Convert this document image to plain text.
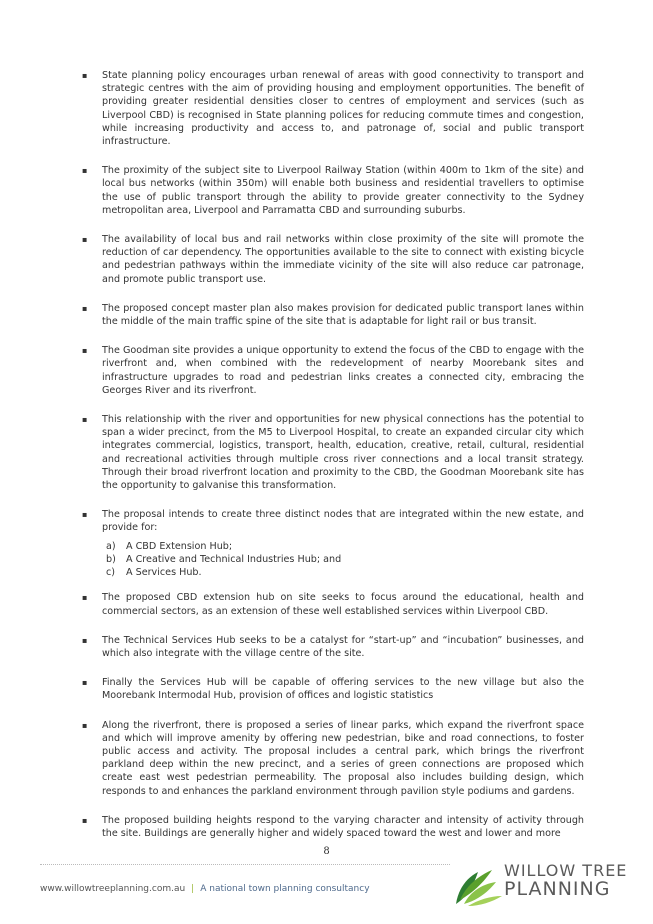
▪ State planning policy encourages urban renewal of areas with good connectivity to transport and strategic centres with the aim of providing housing and employment opportunities. The benefit of providing greater residential densities closer to centres of employment and services (such as Liverpool CBD) is recognised in State planning polices for reducing commute times and congestion, while increasing productivity and access to, and patronage of, social and public transport infrastructure.
▪ The proximity of the subject site to Liverpool Railway Station (within 400m to 1km of the site) and local bus networks (within 350m) will enable both business and residential travellers to optimise the use of public transport through the ability to provide greater connectivity to the Sydney metropolitan area, Liverpool and Parramatta CBD and surrounding suburbs.
▪ The availability of local bus and rail networks within close proximity of the site will promote the reduction of car dependency. The opportunities available to the site to connect with existing bicycle and pedestrian pathways within the immediate vicinity of the site will also reduce car patronage, and promote public transport use.
▪ The proposed concept master plan also makes provision for dedicated public transport lanes within the middle of the main traffic spine of the site that is adaptable for light rail or bus transit.
▪ The Goodman site provides a unique opportunity to extend the focus of the CBD to engage with the riverfront and, when combined with the redevelopment of nearby Moorebank sites and infrastructure upgrades to road and pedestrian links creates a connected city, embracing the Georges River and its riverfront.
▪ This relationship with the river and opportunities for new physical connections has the potential to span a wider precinct, from the M5 to Liverpool Hospital, to create an expanded circular city which integrates commercial, logistics, transport, health, education, creative, retail, cultural, residential and recreational activities through multiple cross river connections and a local transit strategy. Through their broad riverfront location and proximity to the CBD, the Goodman Moorebank site has the opportunity to galvanise this transformation.
▪ The proposal intends to create three distinct nodes that are integrated within the new estate, and provide for:
a)	A CBD Extension Hub;
b)	A Creative and Technical Industries Hub; and
c)	A Services Hub.
▪ The proposed CBD extension hub on site seeks to focus around the educational, health and commercial sectors, as an extension of these well established services within Liverpool CBD.
▪ The Technical Services Hub seeks to be a catalyst for “start-up” and “incubation” businesses, and which also integrate with the village centre of the site.
▪ Finally the Services Hub will be capable of offering services to the new village but also the Moorebank Intermodal Hub, provision of offices and logistic statistics
▪ Along the riverfront, there is proposed a series of linear parks, which expand the riverfront space and which will improve amenity by offering new pedestrian, bike and road connections, to foster public access and activity. The proposal includes a central park, which brings the riverfront parkland deep within the new precinct, and a series of green connections are proposed which create east west pedestrian permeability. The proposal also includes building design, which responds to and enhances the parkland environment through pavilion style podiums and gardens.
▪ The proposed building heights respond to the varying character and intensity of activity through the site. Buildings are generally higher and widely spaced toward the west and lower and more
8
www.willowtreeplanning.com.au | A national town planning consultancy
WILLOW TREE
PLANNING
